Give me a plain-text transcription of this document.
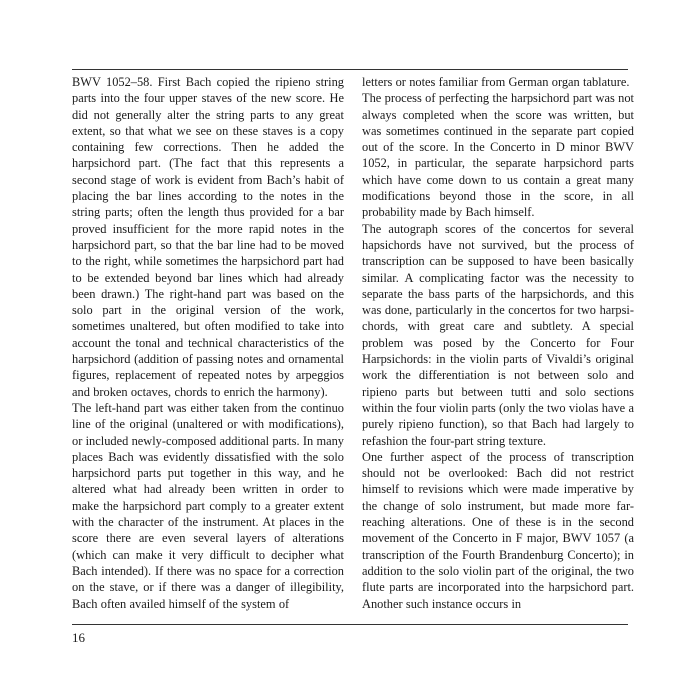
BWV 1052–58. First Bach copied the ripieno string parts into the four upper staves of the new score. He did not generally alter the string parts to any great extent, so that what we see on these staves is a copy containing few corrections. Then he added the harpsichord part. (The fact that this represents a second stage of work is evident from Bach’s habit of placing the bar lines according to the notes in the string parts; often the length thus provided for a bar proved insufficient for the more rapid notes in the harpsichord part, so that the bar line had to be moved to the right, while sometimes the harpsichord part had to be extended beyond bar lines which had already been drawn.) The right-hand part was based on the solo part in the original version of the work, sometimes unaltered, but often modified to take into account the tonal and technical characteristics of the harpsichord (addition of passing notes and ornamental figures, replacement of repeated notes by arpeggios and broken octaves, chords to enrich the harmony).

The left-hand part was either taken from the continuo line of the original (unaltered or with modifications), or included newly-composed additional parts. In many places Bach was evidently dissatisfied with the solo harpsichord parts put together in this way, and he altered what had already been written in order to make the harpsichord part comply to a greater extent with the character of the instrument. At places in the score there are even several layers of alterations (which can make it very difficult to decipher what Bach intended). If there was no space for a correction on the stave, or if there was a danger of illegibility, Bach often availed himself of the system of

letters or notes familiar from German organ tablature.

The process of perfecting the harpsichord part was not always completed when the score was written, but was sometimes continued in the separate part copied out of the score. In the Concerto in D minor BWV 1052, in particular, the separate harpsichord parts which have come down to us contain a great many modifications beyond those in the score, in all probability made by Bach himself.

The autograph scores of the concertos for several hapsichords have not survived, but the process of transcription can be supposed to have been basically similar. A complicating factor was the necessity to separate the bass parts of the harpsichords, and this was done, particularly in the concertos for two harpsichords, with great care and subtlety. A special problem was posed by the Concerto for Four Harpsichords: in the violin parts of Vivaldi’s original work the differentiation is not between solo and ripieno parts but between tutti and solo sections within the four violin parts (only the two violas have a purely ripieno function), so that Bach had largely to refashion the four-part string texture.

One further aspect of the process of transcription should not be overlooked: Bach did not restrict himself to revisions which were made imperative by the change of solo instrument, but made more far-reaching alterations. One of these is in the second movement of the Concerto in F major, BWV 1057 (a transcription of the Fourth Brandenburg Concerto); in addition to the solo violin part of the original, the two flute parts are incorporated into the harpsichord part. Another such instance occurs in

16
